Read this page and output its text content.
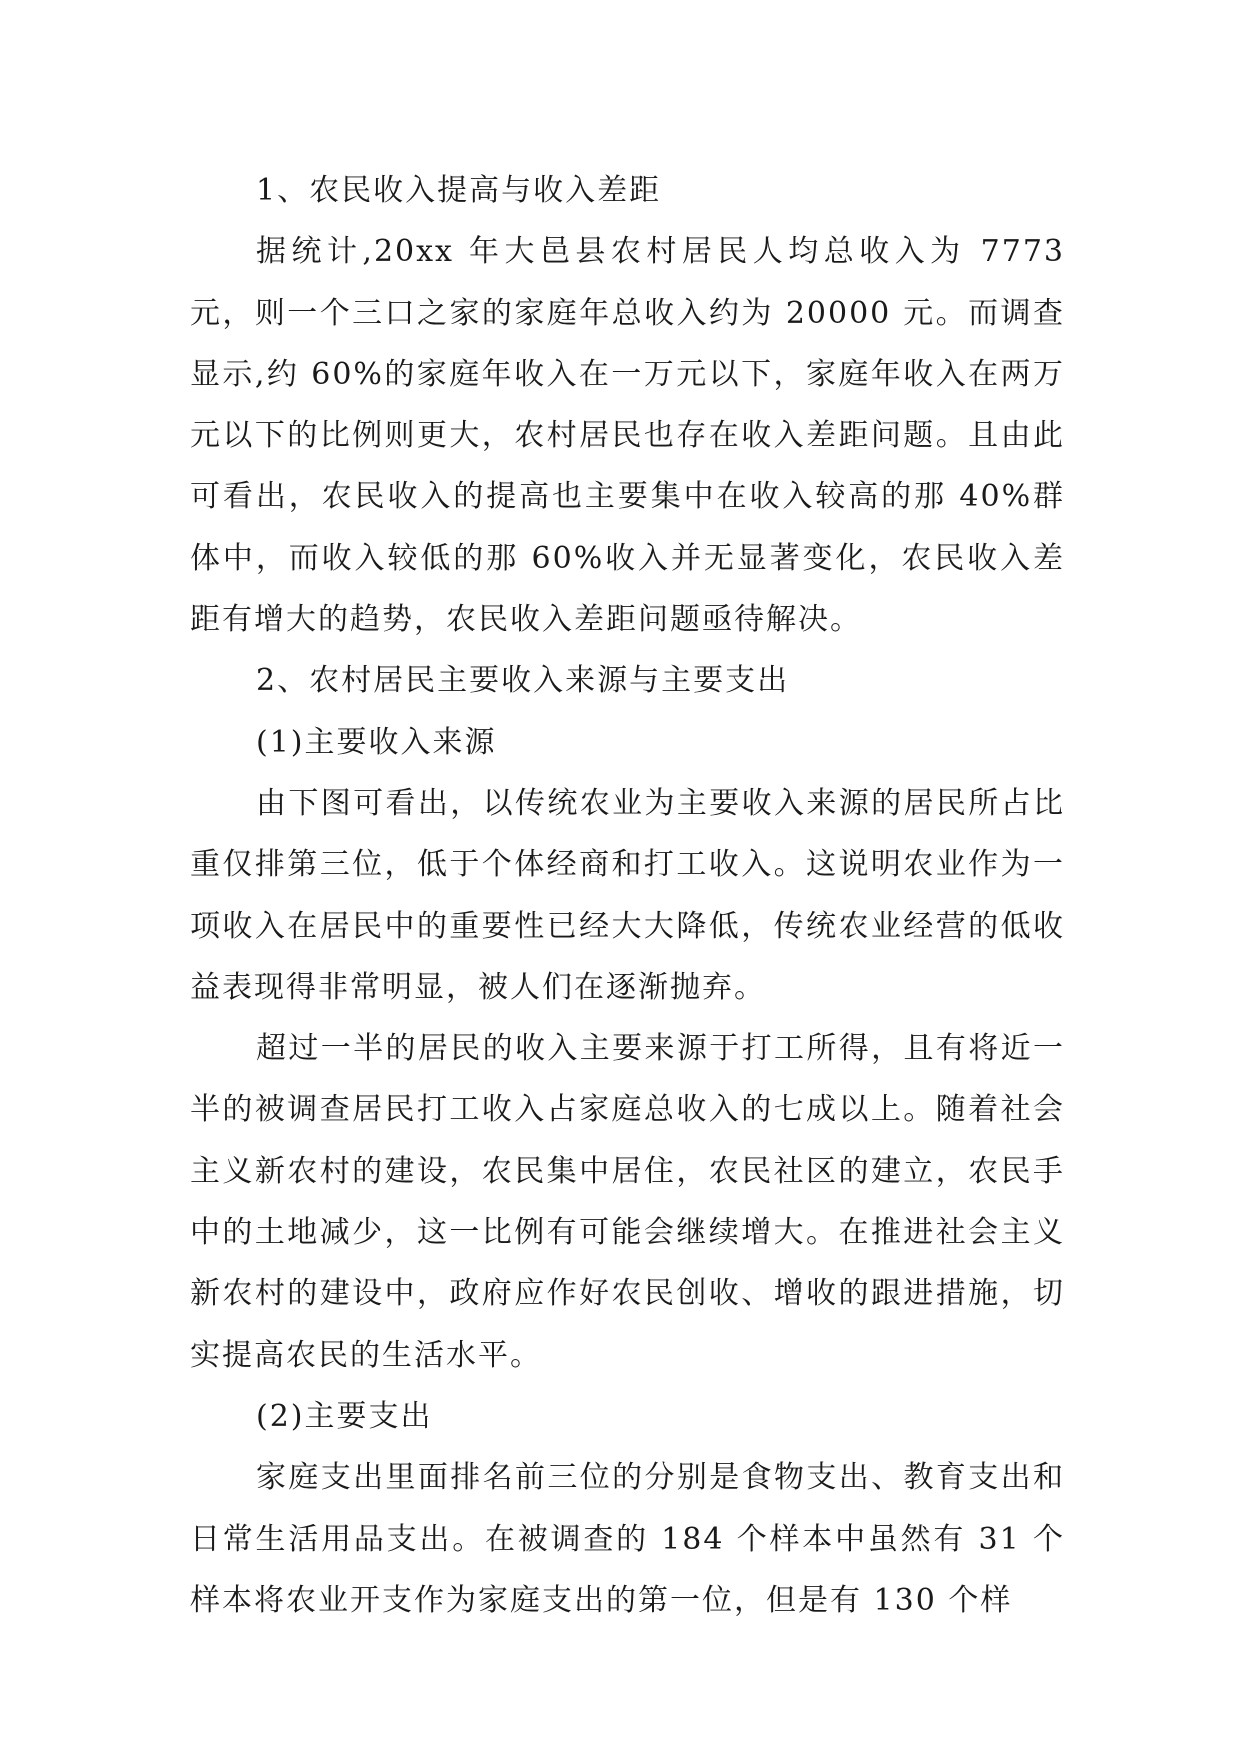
1、农民收入提高与收入差距

据统计,20xx 年大邑县农村居民人均总收入为 7773 元，则一个三口之家的家庭年总收入约为 20000 元。而调查显示,约 60%的家庭年收入在一万元以下，家庭年收入在两万元以下的比例则更大，农村居民也存在收入差距问题。且由此可看出，农民收入的提高也主要集中在收入较高的那 40%群体中，而收入较低的那 60%收入并无显著变化，农民收入差距有增大的趋势，农民收入差距问题亟待解决。

2、农村居民主要收入来源与主要支出

(1)主要收入来源

由下图可看出，以传统农业为主要收入来源的居民所占比重仅排第三位，低于个体经商和打工收入。这说明农业作为一项收入在居民中的重要性已经大大降低，传统农业经营的低收益表现得非常明显，被人们在逐渐抛弃。

超过一半的居民的收入主要来源于打工所得，且有将近一半的被调查居民打工收入占家庭总收入的七成以上。随着社会主义新农村的建设，农民集中居住，农民社区的建立，农民手中的土地减少，这一比例有可能会继续增大。在推进社会主义新农村的建设中，政府应作好农民创收、增收的跟进措施，切实提高农民的生活水平。

(2)主要支出

家庭支出里面排名前三位的分别是食物支出、教育支出和日常生活用品支出。在被调查的 184 个样本中虽然有 31 个样本将农业开支作为家庭支出的第一位，但是有 130 个样
